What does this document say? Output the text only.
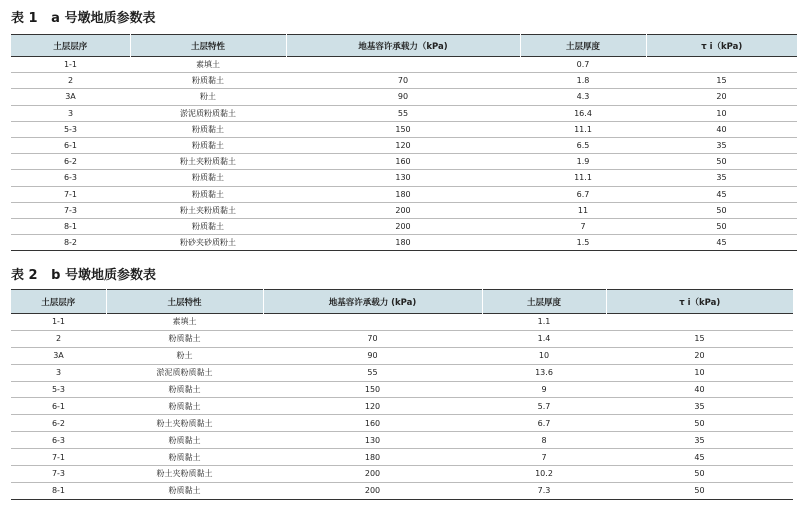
表 1   a 号墩地质参数表
土层层序	土层特性	地基容许承载力（kPa)	土层厚度	τ i（kPa)
1-1	素填土		0.7	
2	粉质黏土	70	1.8	15
3A	粉土	90	4.3	20
3	淤泥质粉质黏土	55	16.4	10
5-3	粉质黏土	150	11.1	40
6-1	粉质黏土	120	6.5	35
6-2	粉土夹粉质黏土	160	1.9	50
6-3	粉质黏土	130	11.1	35
7-1	粉质黏土	180	6.7	45
7-3	粉土夹粉质黏土	200	11	50
8-1	粉质黏土	200	7	50
8-2	粉砂夹砂质粉土	180	1.5	45
表 2   b 号墩地质参数表
土层层序	土层特性	地基容许承载力 (kPa)	土层厚度	τ i（kPa)
1-1	素填土		1.1	
2	粉质黏土	70	1.4	15
3A	粉土	90	10	20
3	淤泥质粉质黏土	55	13.6	10
5-3	粉质黏土	150	9	40
6-1	粉质黏土	120	5.7	35
6-2	粉土夹粉质黏土	160	6.7	50
6-3	粉质黏土	130	8	35
7-1	粉质黏土	180	7	45
7-3	粉土夹粉质黏土	200	10.2	50
8-1	粉质黏土	200	7.3	50
